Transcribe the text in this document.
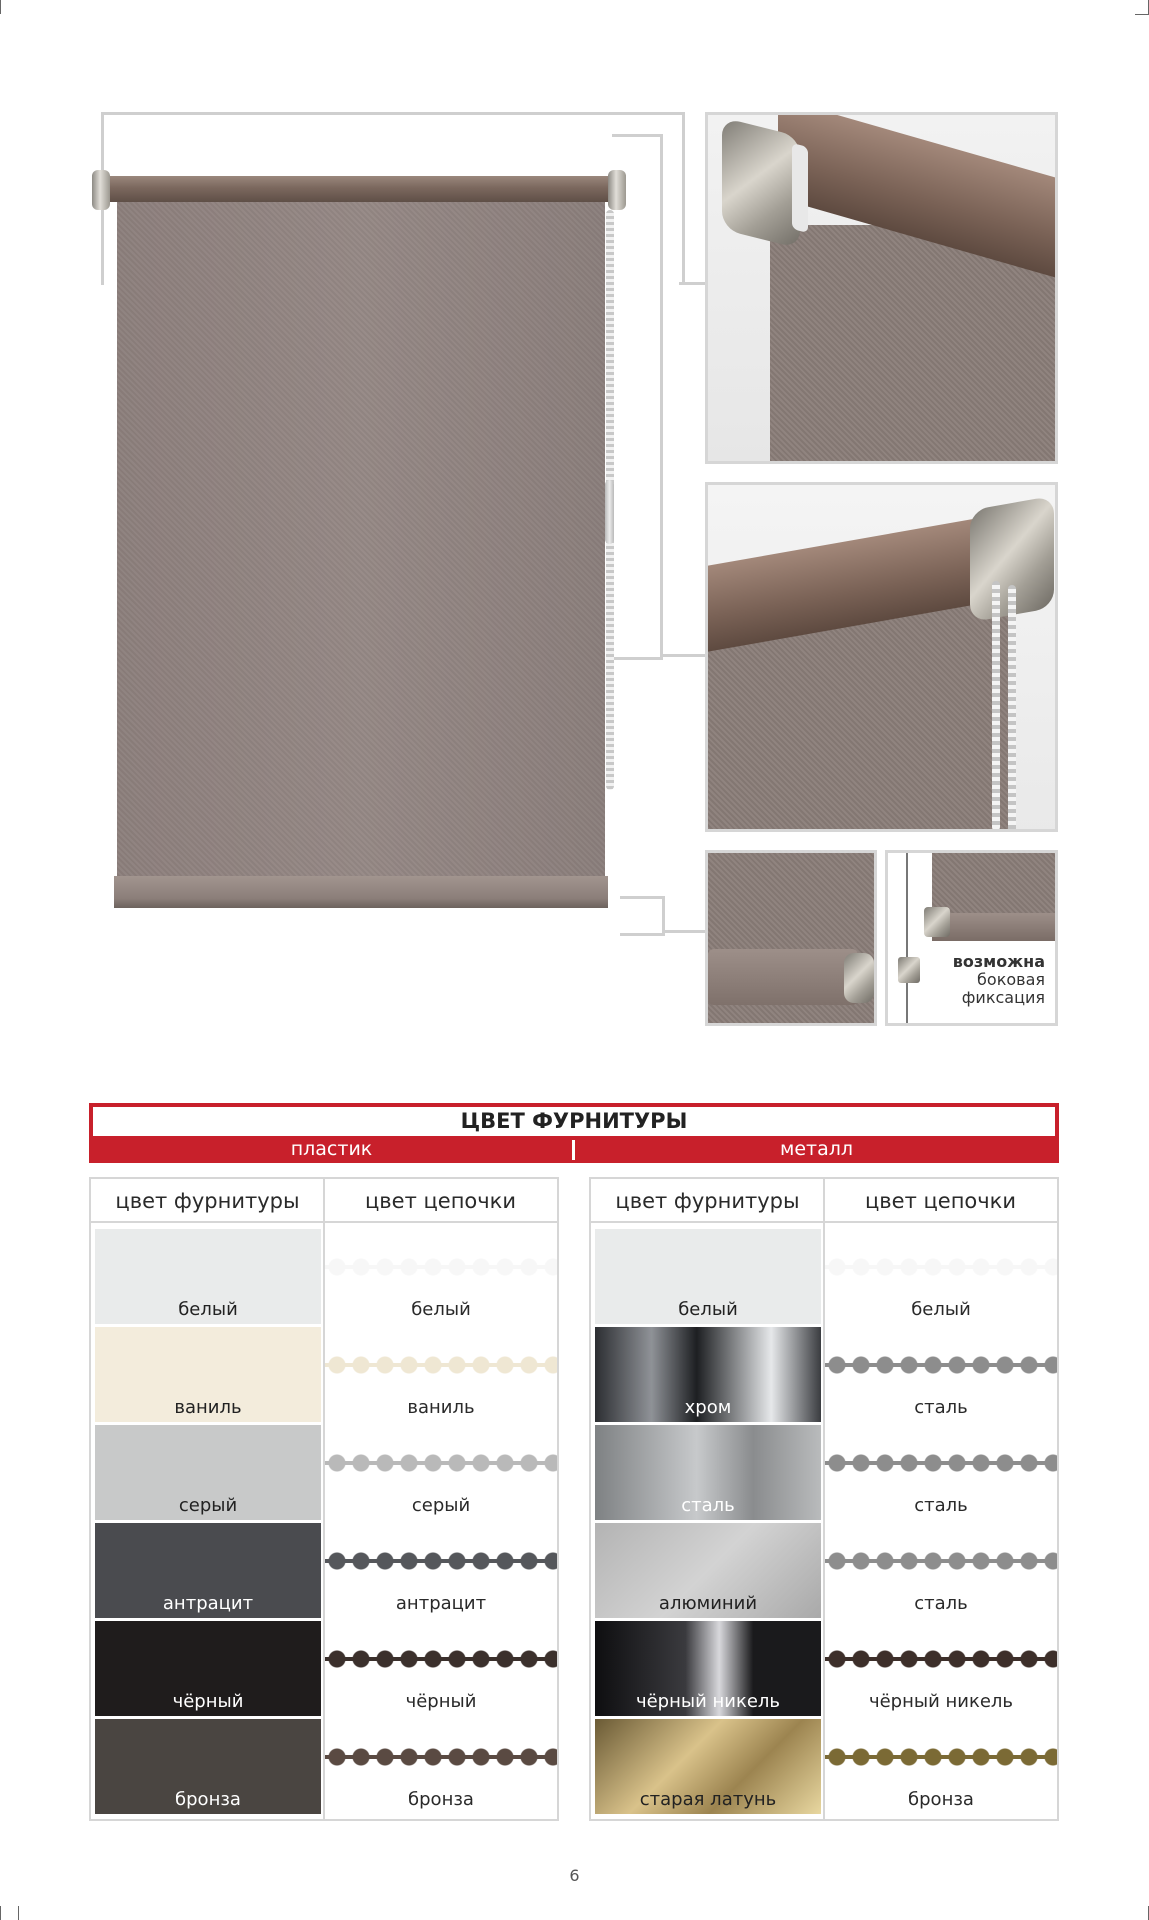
возможна
боковая
фиксация
ЦВЕТ ФУРНИТУРЫ
пластик	металл
цвет фурнитуры	цвет цепочки
белый	белый
ваниль	ваниль
серый	серый
антрацит	антрацит
чёрный	чёрный
бронза	бронза
цвет фурнитуры	цвет цепочки
белый	белый
хром	сталь
сталь	сталь
алюминий	сталь
чёрный никель	чёрный никель
старая латунь	бронза
6
